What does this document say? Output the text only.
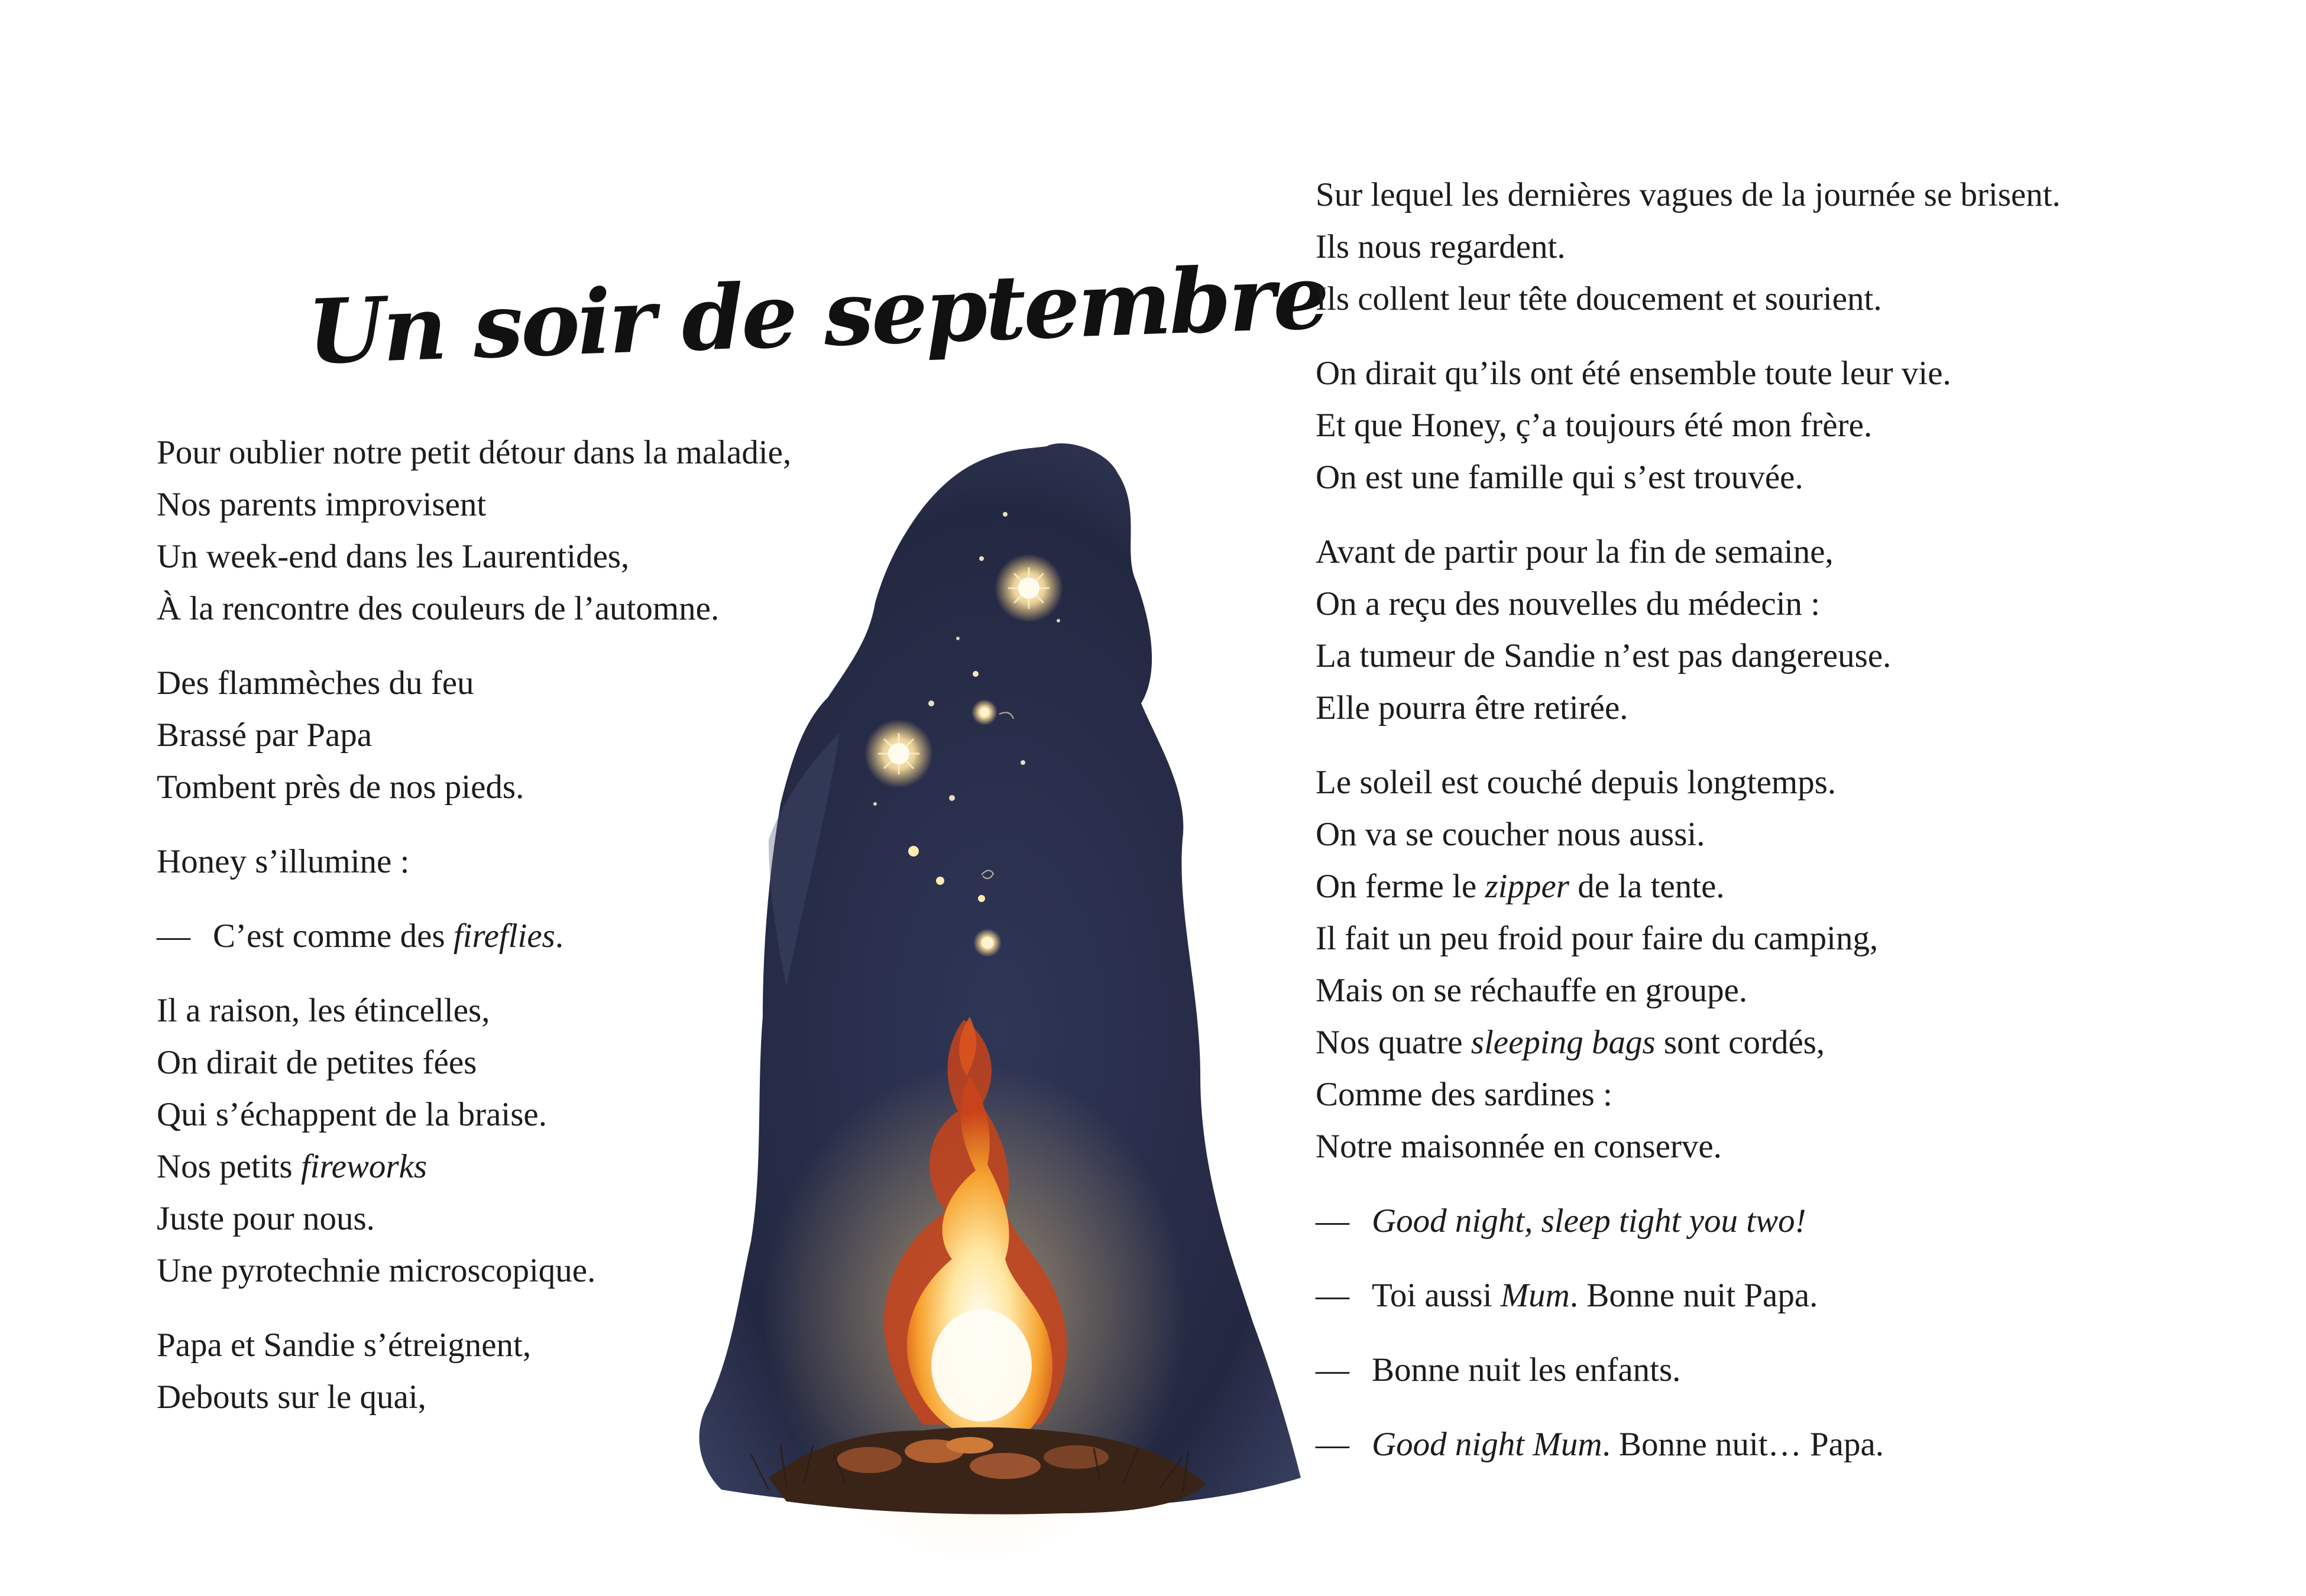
Un soir de septembre
Pour oublier notre petit détour dans la maladie,
Nos parents improvisent
Un week-end dans les Laurentides,
À la rencontre des couleurs de l’automne.
Des flammèches du feu
Brassé par Papa
Tombent près de nos pieds.
Honey s’illumine :
— C’est comme des fireflies.
Il a raison, les étincelles,
On dirait de petites fées
Qui s’échappent de la braise.
Nos petits fireworks
Juste pour nous.
Une pyrotechnie microscopique.
Papa et Sandie s’étreignent,
Debouts sur le quai,
Sur lequel les dernières vagues de la journée se brisent.
Ils nous regardent.
Ils collent leur tête doucement et sourient.
On dirait qu’ils ont été ensemble toute leur vie.
Et que Honey, ç’a toujours été mon frère.
On est une famille qui s’est trouvée.
Avant de partir pour la fin de semaine,
On a reçu des nouvelles du médecin :
La tumeur de Sandie n’est pas dangereuse.
Elle pourra être retirée.
Le soleil est couché depuis longtemps.
On va se coucher nous aussi.
On ferme le zipper de la tente.
Il fait un peu froid pour faire du camping,
Mais on se réchauffe en groupe.
Nos quatre sleeping bags sont cordés,
Comme des sardines :
Notre maisonnée en conserve.
— Good night, sleep tight you two!
— Toi aussi Mum. Bonne nuit Papa.
— Bonne nuit les enfants.
— Good night Mum. Bonne nuit… Papa.
